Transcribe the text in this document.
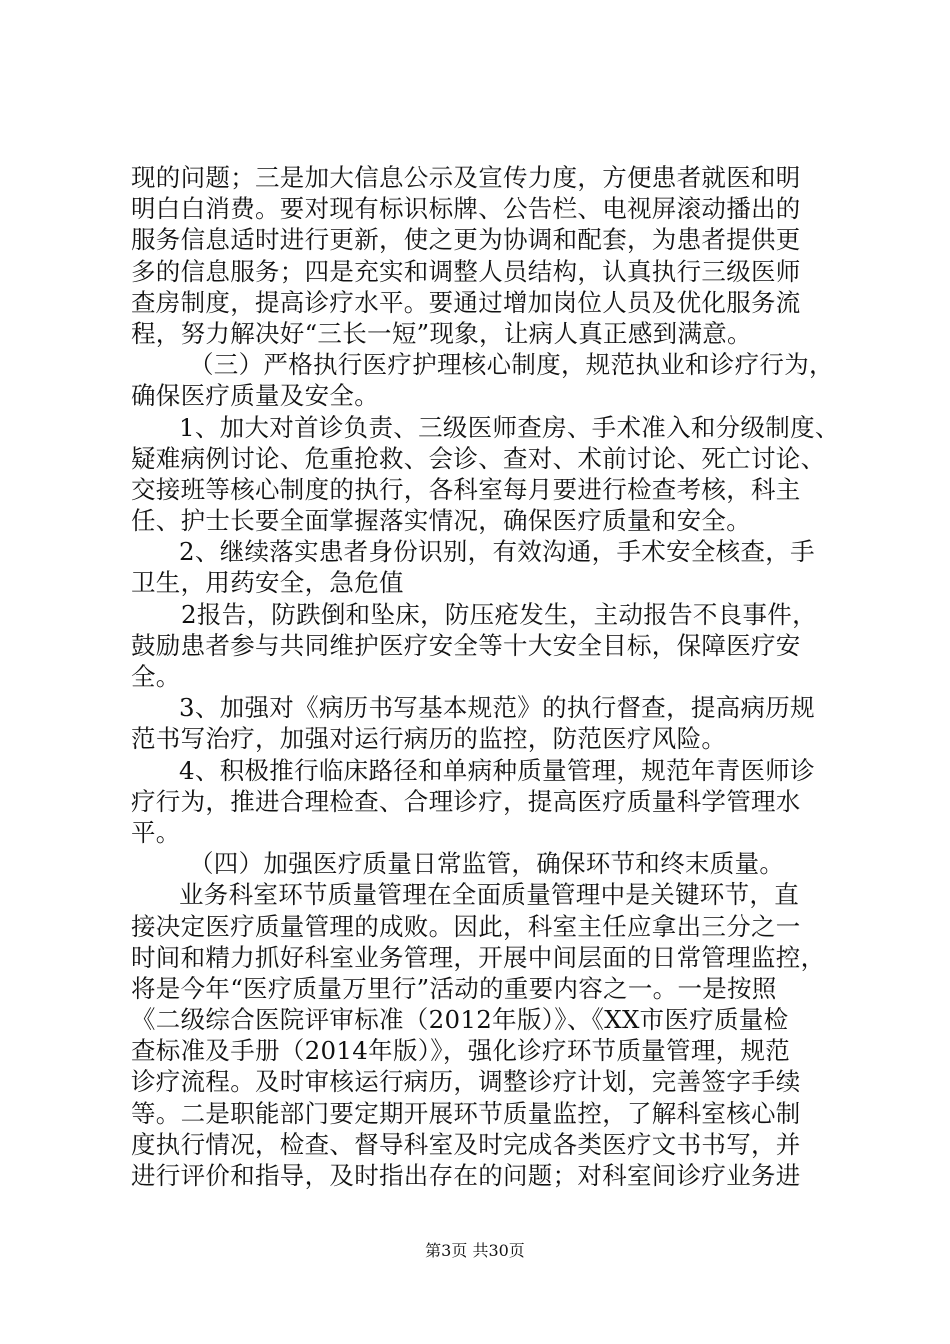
现的问题；三是加大信息公示及宣传力度，方便患者就医和明
明白白消费。要对现有标识标牌、公告栏、电视屏滚动播出的
服务信息适时进行更新，使之更为协调和配套，为患者提供更
多的信息服务；四是充实和调整人员结构，认真执行三级医师
查房制度，提高诊疗水平。要通过增加岗位人员及优化服务流
程，努力解决好“三长一短”现象，让病人真正感到满意。
（三）严格执行医疗护理核心制度，规范执业和诊疗行为，
确保医疗质量及安全。
1、加大对首诊负责、三级医师查房、手术准入和分级制度、
疑难病例讨论、危重抢救、会诊、查对、术前讨论、死亡讨论、
交接班等核心制度的执行，各科室每月要进行检查考核，科主
任、护士长要全面掌握落实情况，确保医疗质量和安全。
2、继续落实患者身份识别，有效沟通，手术安全核查，手
卫生，用药安全，急危值
2报告，防跌倒和坠床，防压疮发生，主动报告不良事件，
鼓励患者参与共同维护医疗安全等十大安全目标，保障医疗安
全。
3、加强对《病历书写基本规范》的执行督查，提高病历规
范书写治疗，加强对运行病历的监控，防范医疗风险。
4、积极推行临床路径和单病种质量管理，规范年青医师诊
疗行为，推进合理检查、合理诊疗，提高医疗质量科学管理水
平。
（四）加强医疗质量日常监管，确保环节和终末质量。
业务科室环节质量管理在全面质量管理中是关键环节，直
接决定医疗质量管理的成败。因此，科室主任应拿出三分之一
时间和精力抓好科室业务管理，开展中间层面的日常管理监控，
将是今年“医疗质量万里行”活动的重要内容之一。一是按照
《二级综合医院评审标准（2012年版）》、《XX市医疗质量检
查标准及手册（2014年版）》，强化诊疗环节质量管理，规范
诊疗流程。及时审核运行病历，调整诊疗计划，完善签字手续
等。二是职能部门要定期开展环节质量监控，了解科室核心制
度执行情况，检查、督导科室及时完成各类医疗文书书写，并
进行评价和指导，及时指出存在的问题；对科室间诊疗业务进
第3页 共30页
